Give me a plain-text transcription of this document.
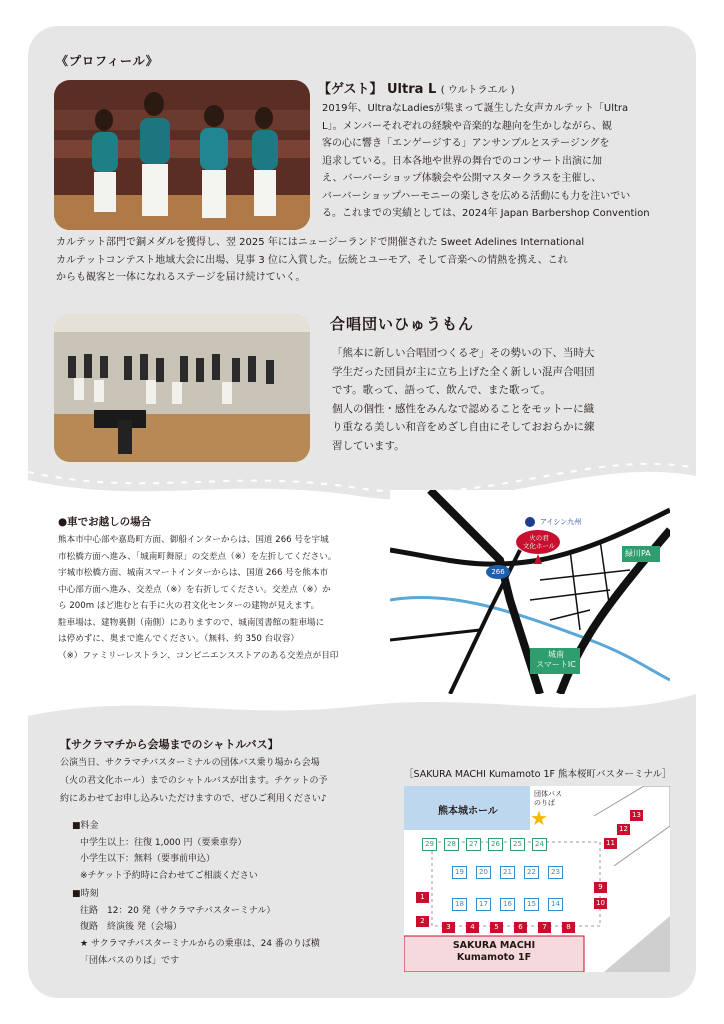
《プロフィール》
【ゲスト】 Ultra L ( ウルトラエル )
2019年、UltraなLadiesが集まって誕生した女声カルテット「Ultra
L」。メンバーそれぞれの経験や音楽的な趣向を生かしながら、観
客の心に響き「エンゲージする」アンサンブルとステージングを
追求している。日本各地や世界の舞台でのコンサート出演に加
え、バーバーショップ体験会や公開マスタークラスを主催し、
バーバーショップハーモニーの楽しさを広める活動にも力を注いでい
る。これまでの実績としては、2024年 Japan Barbershop Convention
カルテット部門で銅メダルを獲得し、翌 2025 年にはニュージーランドで開催された Sweet Adelines International
カルテットコンテスト地域大会に出場、見事 3 位に入賞した。伝統とユーモア、そして音楽への情熱を携え、これ
からも観客と一体になれるステージを届け続けていく。
合唱団いひゅうもん
「熊本に新しい合唱団つくるぞ」その勢いの下、当時大
学生だった団員が主に立ち上げた全く新しい混声合唱団
です。歌って、語って、飲んで、また歌って。
個人の個性・感性をみんなで認めることをモットーに織
り重なる美しい和音をめざし自由にそしておおらかに練
習しています。
●車でお越しの場合
熊本市中心部や嘉島町方面、御船インターからは、国道 266 号を宇城
市松橋方面へ進み、「城南町舞原」の交差点（※）を左折してください。
宇城市松橋方面、城南スマートインターからは、国道 266 号を熊本市
中心部方面へ進み、交差点（※）を右折してください。交差点（※）か
ら 200m ほど進むと右手に火の君文化センターの建物が見えます。
駐車場は、建物裏側（南側）にありますので、城南図書館の駐車場に
は停めずに、奥まで進んでください。（無料、約 350 台収容）
（※）ファミリーレストラン、コンビニエンスストアのある交差点が目印
アイシン九州
火の君
文化ホール
266
緑川PA
城南
スマートIC
【サクラマチから会場までのシャトルバス】
公演当日、サクラマチバスターミナルの団体バス乗り場から会場
（火の君文化ホール）までのシャトルバスが出ます。チケットの予
約にあわせてお申し込みいただけますので、ぜひご利用ください♪
■料金
中学生以上：往復 1,000 円（要乗車券）
小学生以下：無料（要事前申込）
※チケット予約時に合わせてご相談ください
■時刻
往路　12：20 発（サクラマチバスターミナル）
復路　終演後 発（会場）
★ サクラマチバスターミナルからの乗車は、24 番のりば横
「団体バスのりば」です
［SAKURA MACHI Kumamoto 1F 熊本桜町バスターミナル］
熊本城ホール ★
団体バス
のりば
SAKURA MACHI
Kumamoto 1F
29	28	27	26	25	24
19	20	21	22	23
18	17	16	15	14
3	4	5	6	7	8
1
2
9
10
11
12
13
